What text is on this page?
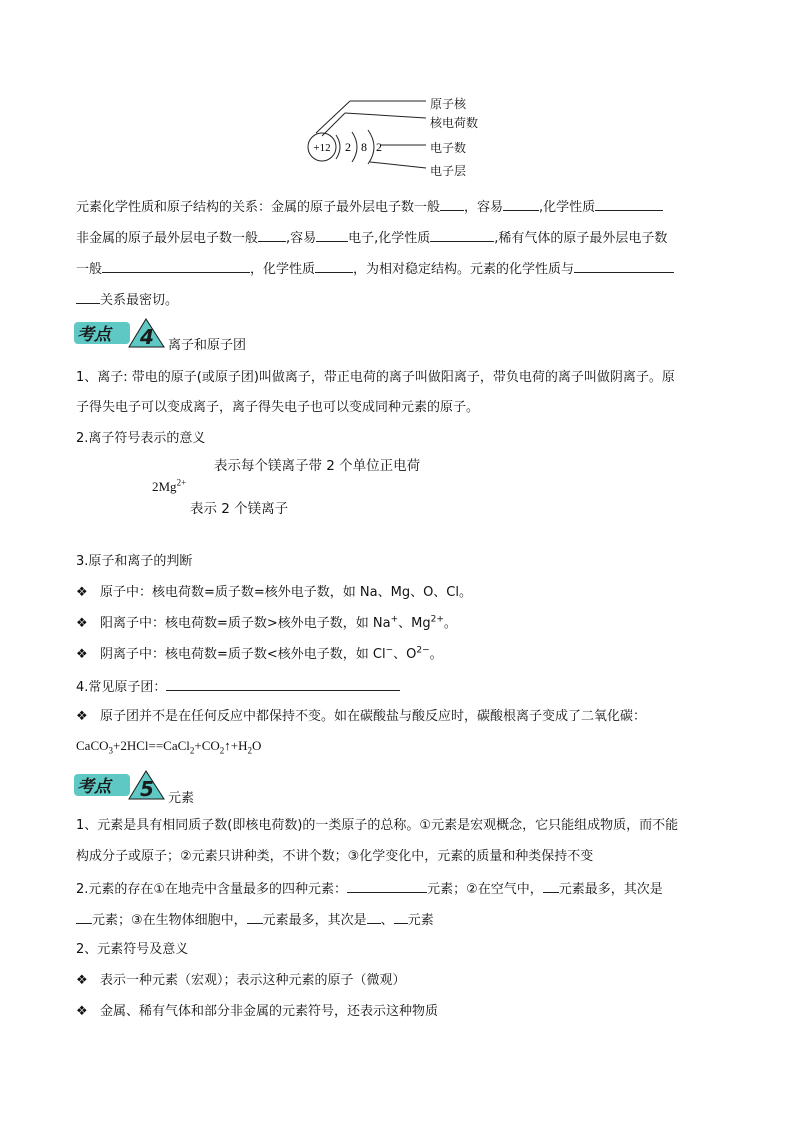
+12 2 8 2
原子核
核电荷数
电子数
电子层
元素化学性质和原子结构的关系：金属的原子最外层电子数一般 ，容易	,化学性质
非金属的原子最外层电子数一般 ,容易 电子,化学性质	,稀有气体的原子最外层电子数
一般	，化学性质	，为相对稳定结构。元素的化学性质与
关系最密切。
考点 4 离子和原子团
1、离子: 带电的原子(或原子团)叫做离子，带正电荷的离子叫做阳离子，带负电荷的离子叫做阴离子。原
子得失电子可以变成离子，离子得失电子也可以变成同种元素的原子。
2.离子符号表示的意义
表示每个镁离子带 2 个单位正电荷
$2Mg^{2+}$
表示 2 个镁离子
3.原子和离子的判断
❖ 原子中：核电荷数=质子数=核外电子数，如 Na、Mg、O、Cl。
❖ 阳离子中：核电荷数=质子数>核外电子数，如 Na+、$Mg^{2+}$。
❖ 阴离子中：核电荷数=质子数<核外电子数，如 Cl−、$O^{2-}$。
4.常见原子团：
❖ 原子团并不是在任何反应中都保持不变。如在碳酸盐与酸反应时，碳酸根离子变成了二氧化碳：
$CaCO_3+2HCl==CaCl_2+CO_2↑+H_2O$
考点 5 元素
1、元素是具有相同质子数(即核电荷数)的一类原子的总称。①元素是宏观概念，它只能组成物质，而不能
构成分子或原子；②元素只讲种类，不讲个数；③化学变化中，元素的质量和种类保持不变
2.元素的存在①在地壳中含量最多的四种元素：	元素；②在空气中， 元素最多，其次是
元素；③在生物体细胞中， 元素最多，其次是 、 元素
2、元素符号及意义
❖ 表示一种元素（宏观）；表示这种元素的原子（微观）
❖ 金属、稀有气体和部分非金属的元素符号，还表示这种物质
